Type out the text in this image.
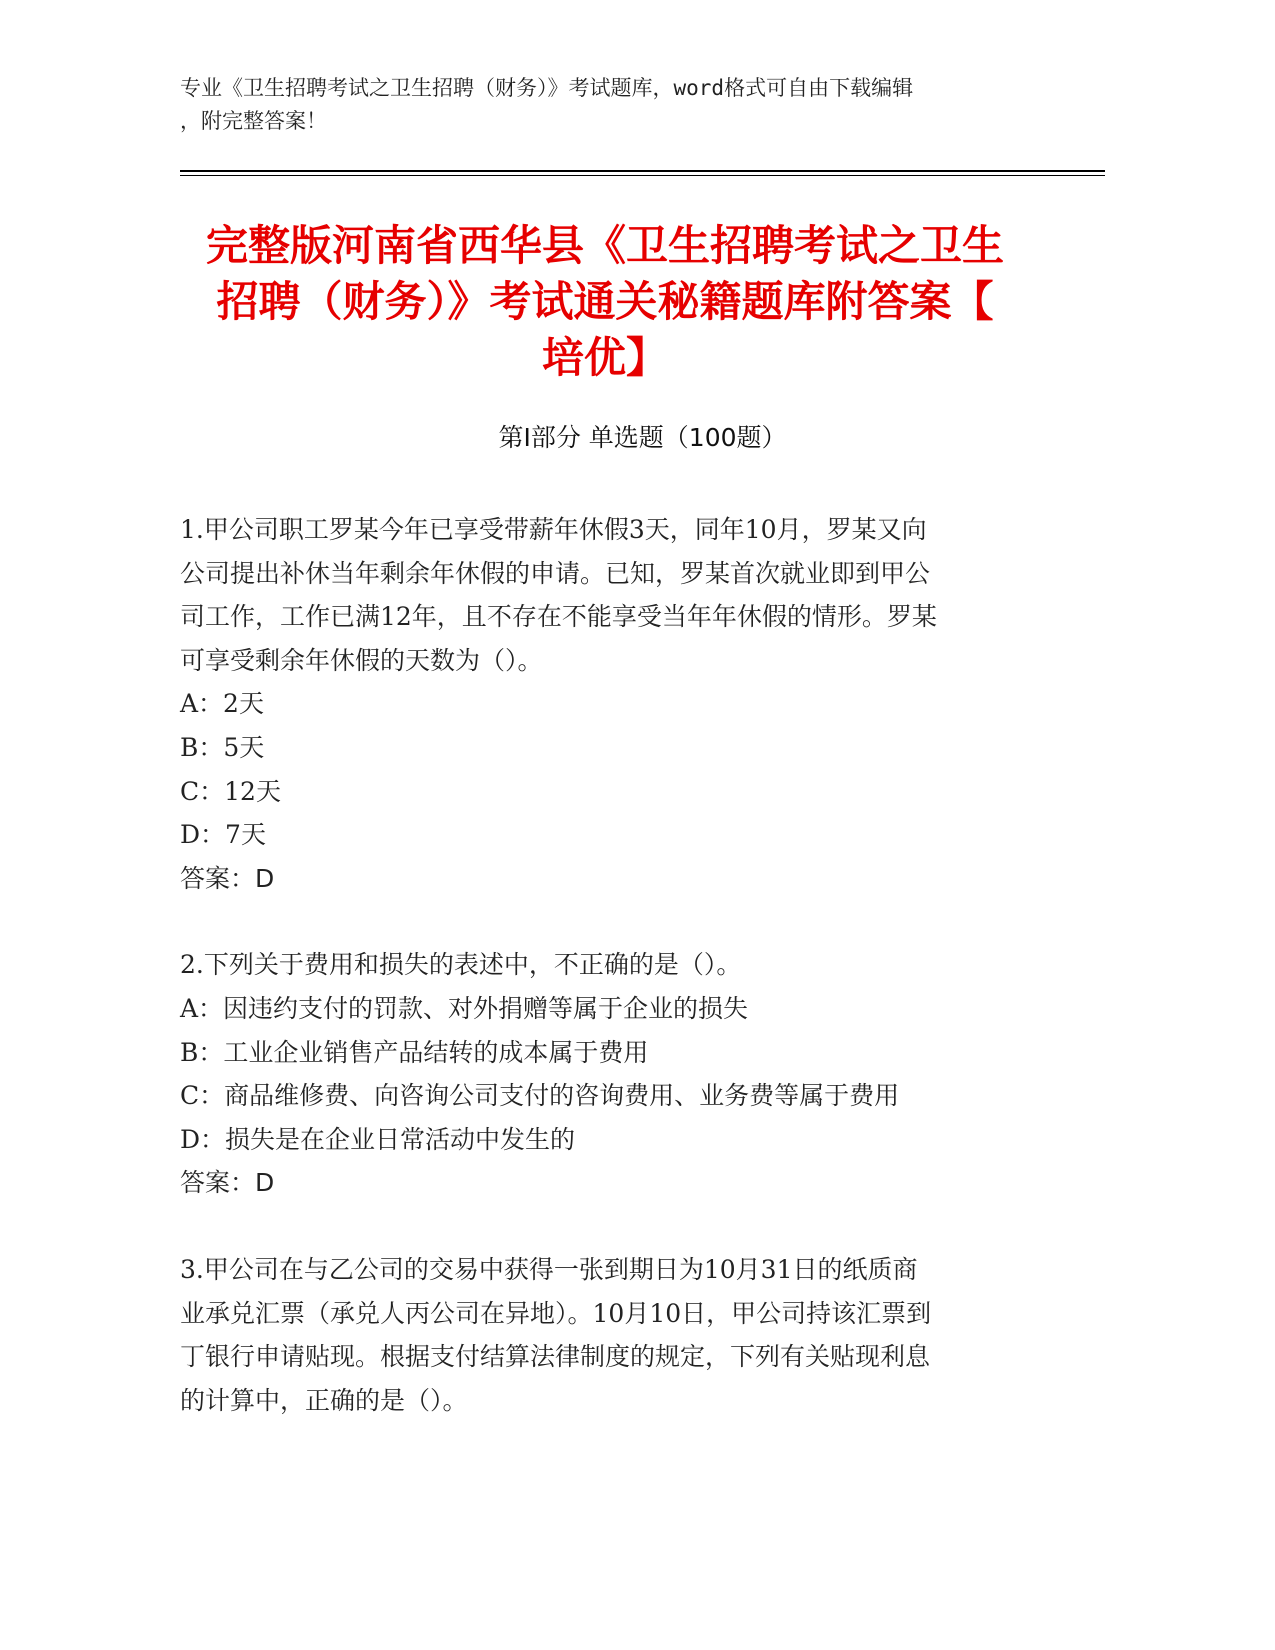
专业《卫生招聘考试之卫生招聘（财务）》考试题库，word格式可自由下载编辑
，附完整答案！
完整版河南省西华县《卫生招聘考试之卫生
招聘（财务）》考试通关秘籍题库附答案【
培优】
第Ⅰ部分 单选题（100题）
1.甲公司职工罗某今年已享受带薪年休假3天，同年10月，罗某又向
公司提出补休当年剩余年休假的申请。已知，罗某首次就业即到甲公
司工作，工作已满12年，且不存在不能享受当年年休假的情形。罗某
可享受剩余年休假的天数为（）。
A：2天
B：5天
C：12天
D：7天
答案：D
2.下列关于费用和损失的表述中，不正确的是（）。
A：因违约支付的罚款、对外捐赠等属于企业的损失
B：工业企业销售产品结转的成本属于费用
C：商品维修费、向咨询公司支付的咨询费用、业务费等属于费用
D：损失是在企业日常活动中发生的
答案：D
3.甲公司在与乙公司的交易中获得一张到期日为10月31日的纸质商
业承兑汇票（承兑人丙公司在异地）。10月10日，甲公司持该汇票到
丁银行申请贴现。根据支付结算法律制度的规定，下列有关贴现利息
的计算中，正确的是（）。
